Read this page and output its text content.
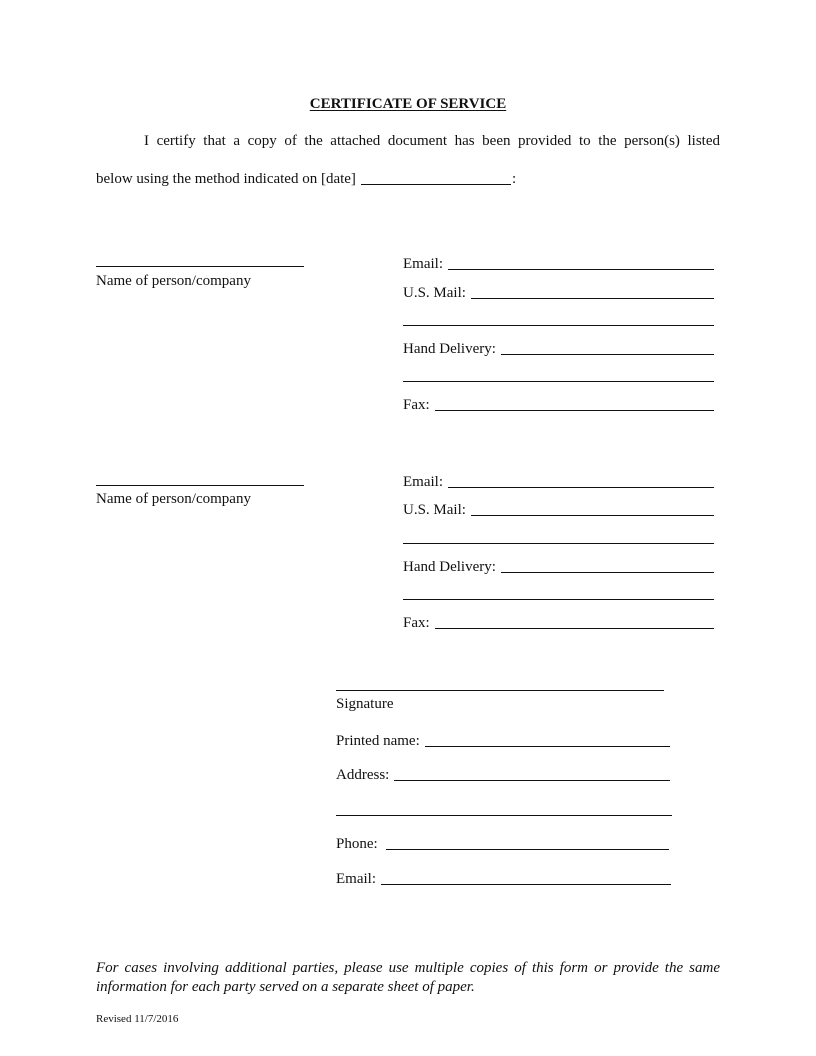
CERTIFICATE OF SERVICE
I certify that a copy of the attached document has been provided to the person(s) listed
below using the method indicated on [date]	:
Name of person/company
Email:
U.S. Mail:
Hand Delivery:
Fax:
Name of person/company
Email:
U.S. Mail:
Hand Delivery:
Fax:
Signature
Printed name:
Address:
Phone:
Email:
For cases involving additional parties, please use multiple copies of this form or provide the same information for each party served on a separate sheet of paper.
Revised 11/7/2016
